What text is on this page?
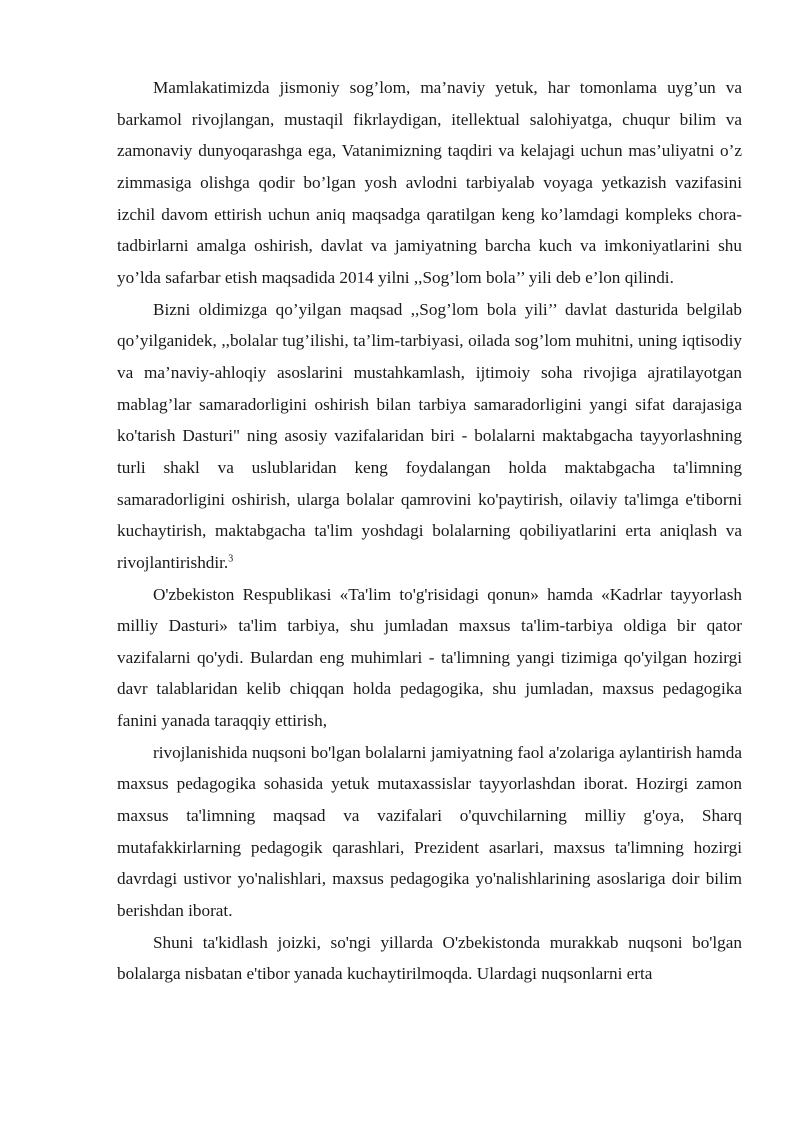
Mamlakatimizda jismoniy sog’lom, ma’naviy yetuk, har tomonlama uyg’un va barkamol rivojlangan, mustaqil fikrlaydigan, itellektual salohiyatga, chuqur bilim va zamonaviy dunyoqarashga ega, Vatanimizning taqdiri va kelajagi uchun mas’uliyatni o’z zimmasiga olishga qodir bo’lgan yosh avlodni tarbiyalab voyaga yetkazish vazifasini izchil davom ettirish uchun aniq maqsadga qaratilgan keng ko’lamdagi kompleks chora-tadbirlarni amalga oshirish, davlat va jamiyatning barcha kuch va imkoniyatlarini shu yo’lda safarbar etish maqsadida 2014 yilni ,,Sog’lom bola’’ yili deb e’lon qilindi.

Bizni oldimizga qo’yilgan maqsad ,,Sog’lom bola yili’’ davlat dasturida belgilab qo’yilganidek, ,,bolalar tug’ilishi, ta’lim-tarbiyasi, oilada sog’lom muhitni, uning iqtisodiy va ma’naviy-ahloqiy asoslarini mustahkamlash, ijtimoiy soha rivojiga ajratilayotgan mablag’lar samaradorligini oshirish bilan tarbiya samaradorligini yangi sifat darajasiga ko'tarish Dasturi" ning asosiy vazifalaridan biri - bolalarni maktabgacha tayyorlashning turli shakl va uslublaridan keng foydalangan holda maktabgacha ta'limning samaradorligini oshirish, ularga bolalar qamrovini ko'paytirish, oilaviy ta'limga e'tiborni kuchaytirish, maktabgacha ta'lim yoshdagi bolalarning qobiliyatlarini erta aniqlash va rivojlantirishdir.$^3$

O'zbekiston Respublikasi «Ta'lim to'g'risidagi qonun» hamda «Kadrlar tayyorlash milliy Dasturi» ta'lim tarbiya, shu jumladan maxsus ta'lim-tarbiya oldiga bir qator vazifalarni qo'ydi. Bulardan eng muhimlari - ta'limning yangi tizimiga qo'yilgan hozirgi davr talablaridan kelib chiqqan holda pedagogika, shu jumladan, maxsus pedagogika fanini yanada taraqqiy ettirish,

rivojlanishida nuqsoni bo'lgan bolalarni jamiyatning faol a'zolariga aylantirish hamda maxsus pedagogika sohasida yetuk mutaxassislar tayyorlashdan iborat. Hozirgi zamon maxsus ta'limning maqsad va vazifalari o'quvchilarning milliy g'oya, Sharq mutafakkirlarning pedagogik qarashlari, Prezident asarlari, maxsus ta'limning hozirgi davrdagi ustivor yo'nalishlari, maxsus pedagogika yo'nalishlarining asoslariga doir bilim berishdan iborat.

Shuni ta'kidlash joizki, so'ngi yillarda O'zbekistonda murakkab nuqsoni bo'lgan bolalarga nisbatan e'tibor yanada kuchaytirilmoqda. Ulardagi nuqsonlarni erta
